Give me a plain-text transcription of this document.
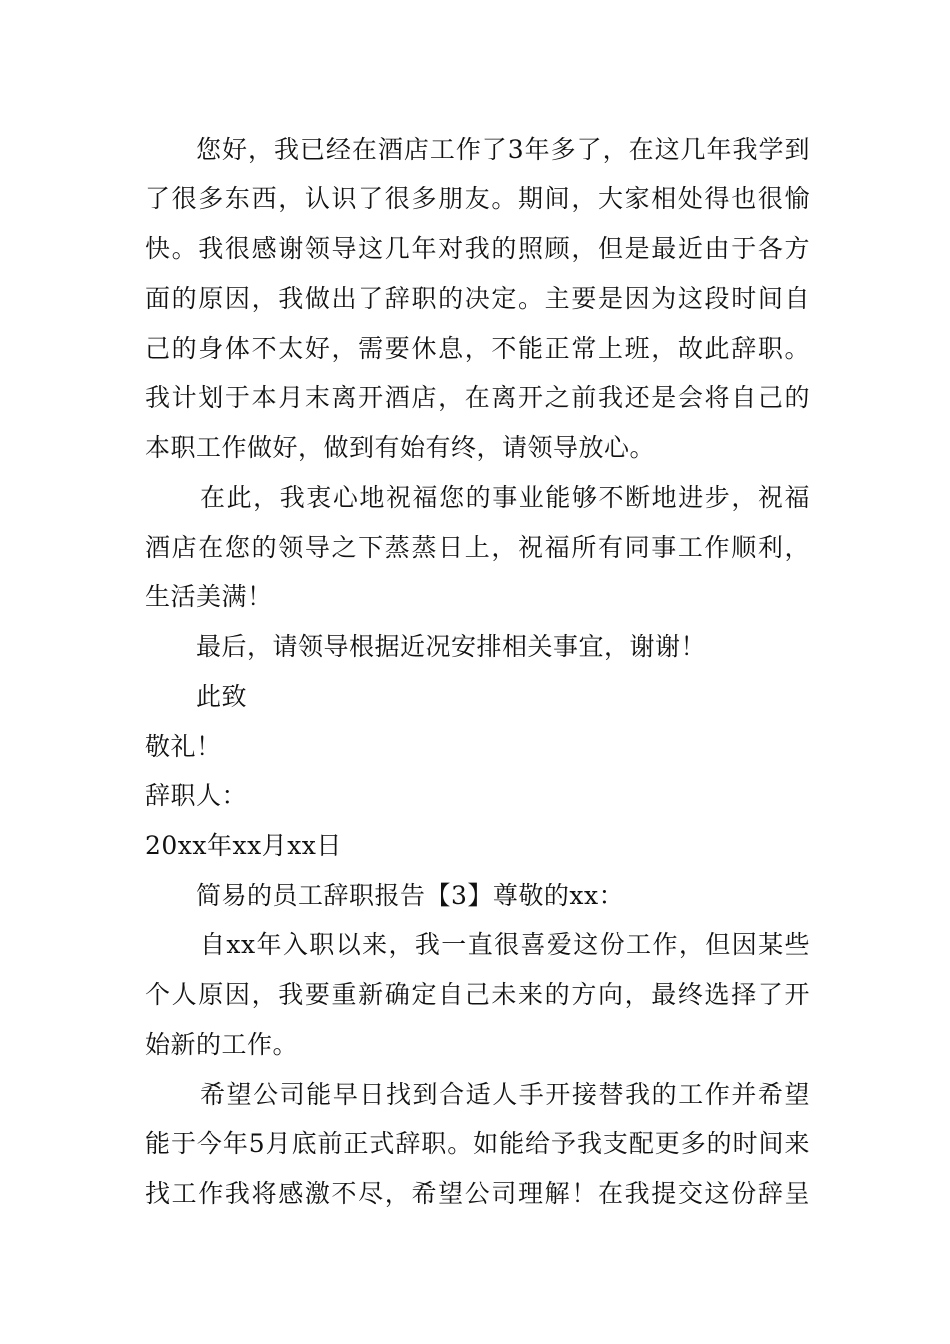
您好，我已经在酒店工作了3年多了，在这几年我学到
了很多东西，认识了很多朋友。期间，大家相处得也很愉
快。我很感谢领导这几年对我的照顾，但是最近由于各方
面的原因，我做出了辞职的决定。主要是因为这段时间自
己的身体不太好，需要休息，不能正常上班，故此辞职。
我计划于本月末离开酒店，在离开之前我还是会将自己的
本职工作做好，做到有始有终，请领导放心。
在此，我衷心地祝福您的事业能够不断地进步，祝福
酒店在您的领导之下蒸蒸日上，祝福所有同事工作顺利，
生活美满！
最后，请领导根据近况安排相关事宜，谢谢！
此致
敬礼！
辞职人：
20xx年xx月xx日
简易的员工辞职报告【3】尊敬的xx：
自xx年入职以来，我一直很喜爱这份工作，但因某些
个人原因，我要重新确定自己未来的方向，最终选择了开
始新的工作。
希望公司能早日找到合适人手开接替我的工作并希望
能于今年5月底前正式辞职。如能给予我支配更多的时间来
找工作我将感激不尽，希望公司理解！在我提交这份辞呈
